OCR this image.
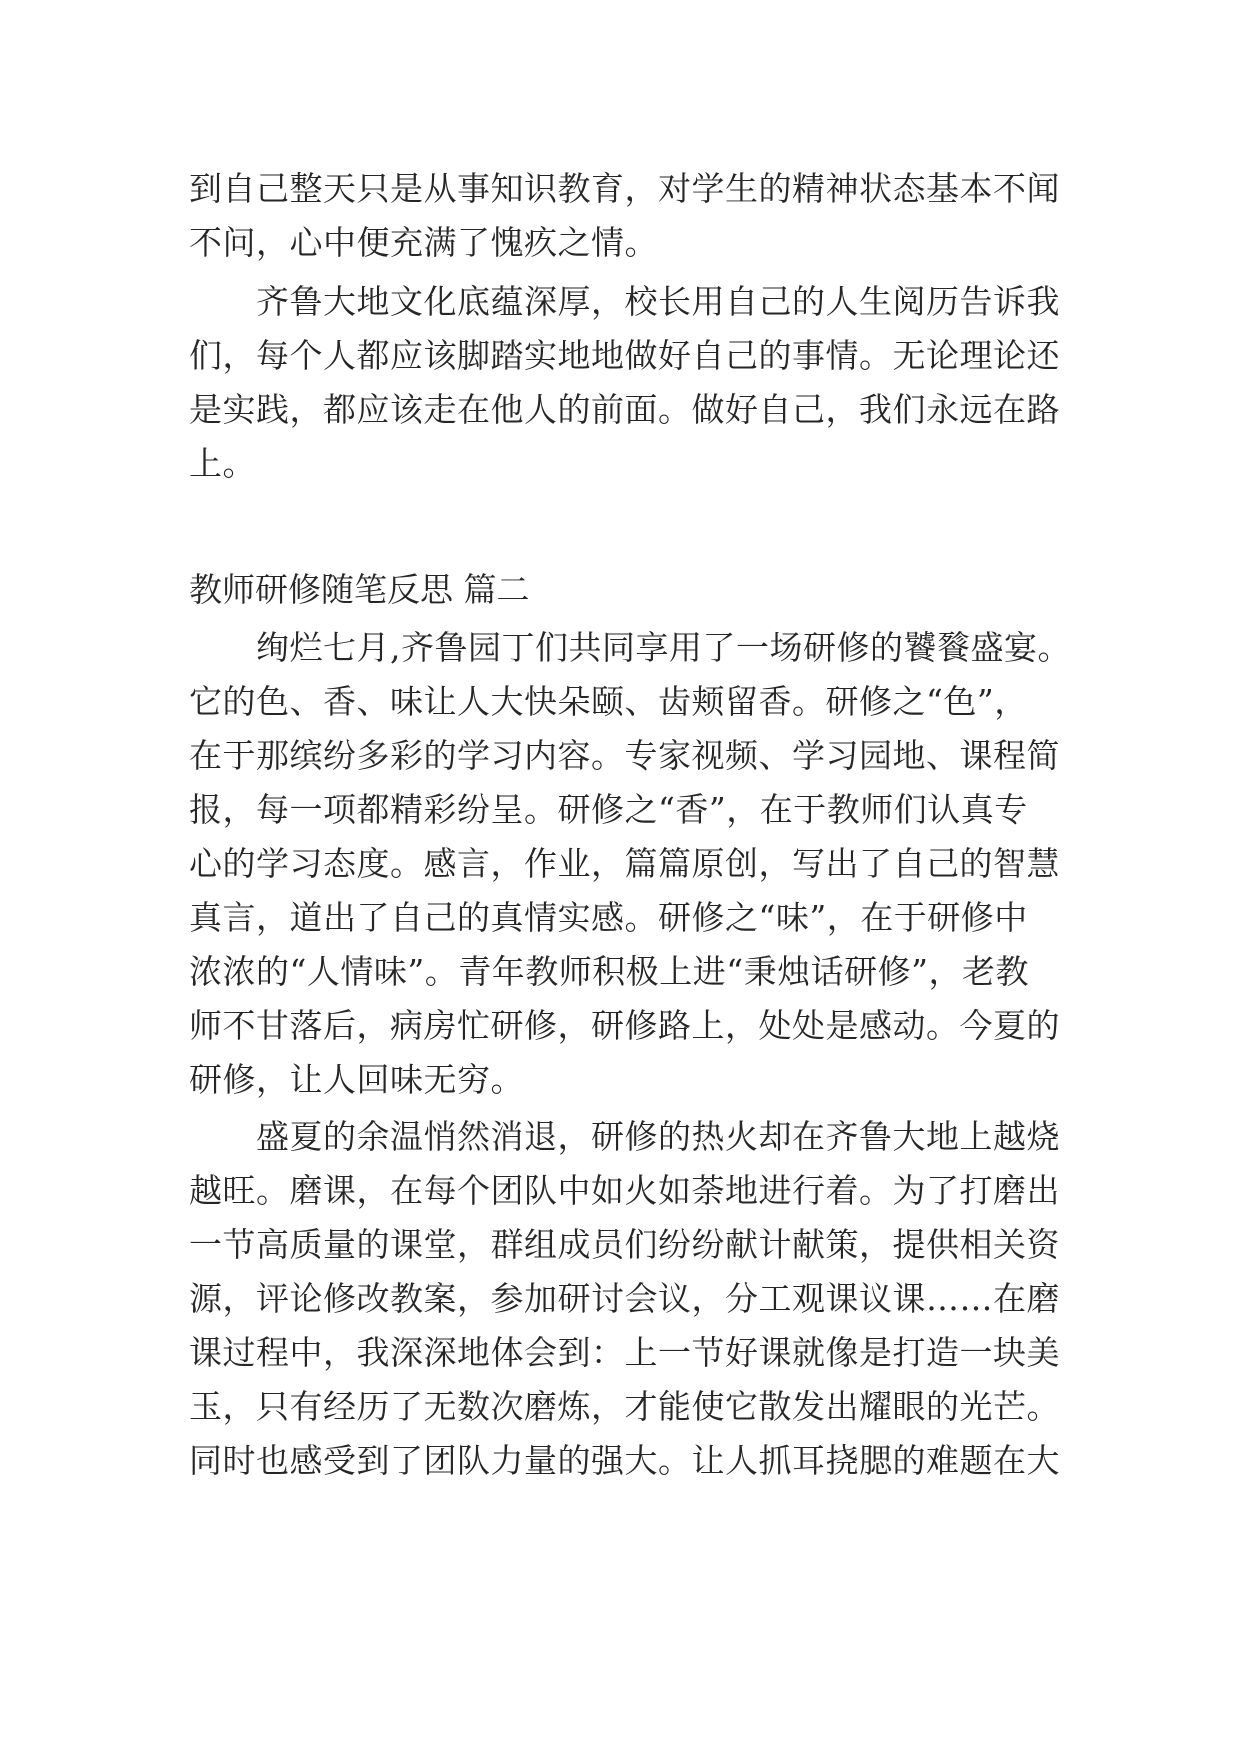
到自己整天只是从事知识教育，对学生的精神状态基本不闻
不问，心中便充满了愧疚之情。
齐鲁大地文化底蕴深厚，校长用自己的人生阅历告诉我
们，每个人都应该脚踏实地地做好自己的事情。无论理论还
是实践，都应该走在他人的前面。做好自己，我们永远在路
上。
教师研修随笔反思 篇二
绚烂七月,齐鲁园丁们共同享用了一场研修的饕餮盛宴。
它的色、香、味让人大快朵颐、齿颊留香。研修之“色”，
在于那缤纷多彩的学习内容。专家视频、学习园地、课程简
报，每一项都精彩纷呈。研修之“香”，在于教师们认真专
心的学习态度。感言，作业，篇篇原创，写出了自己的智慧
真言，道出了自己的真情实感。研修之“味”，在于研修中
浓浓的“人情味”。青年教师积极上进“秉烛话研修”，老教
师不甘落后，病房忙研修，研修路上，处处是感动。今夏的
研修，让人回味无穷。
盛夏的余温悄然消退，研修的热火却在齐鲁大地上越烧
越旺。磨课，在每个团队中如火如荼地进行着。为了打磨出
一节高质量的课堂，群组成员们纷纷献计献策，提供相关资
源，评论修改教案，参加研讨会议，分工观课议课……在磨
课过程中，我深深地体会到：上一节好课就像是打造一块美
玉，只有经历了无数次磨炼，才能使它散发出耀眼的光芒。
同时也感受到了团队力量的强大。让人抓耳挠腮的难题在大
